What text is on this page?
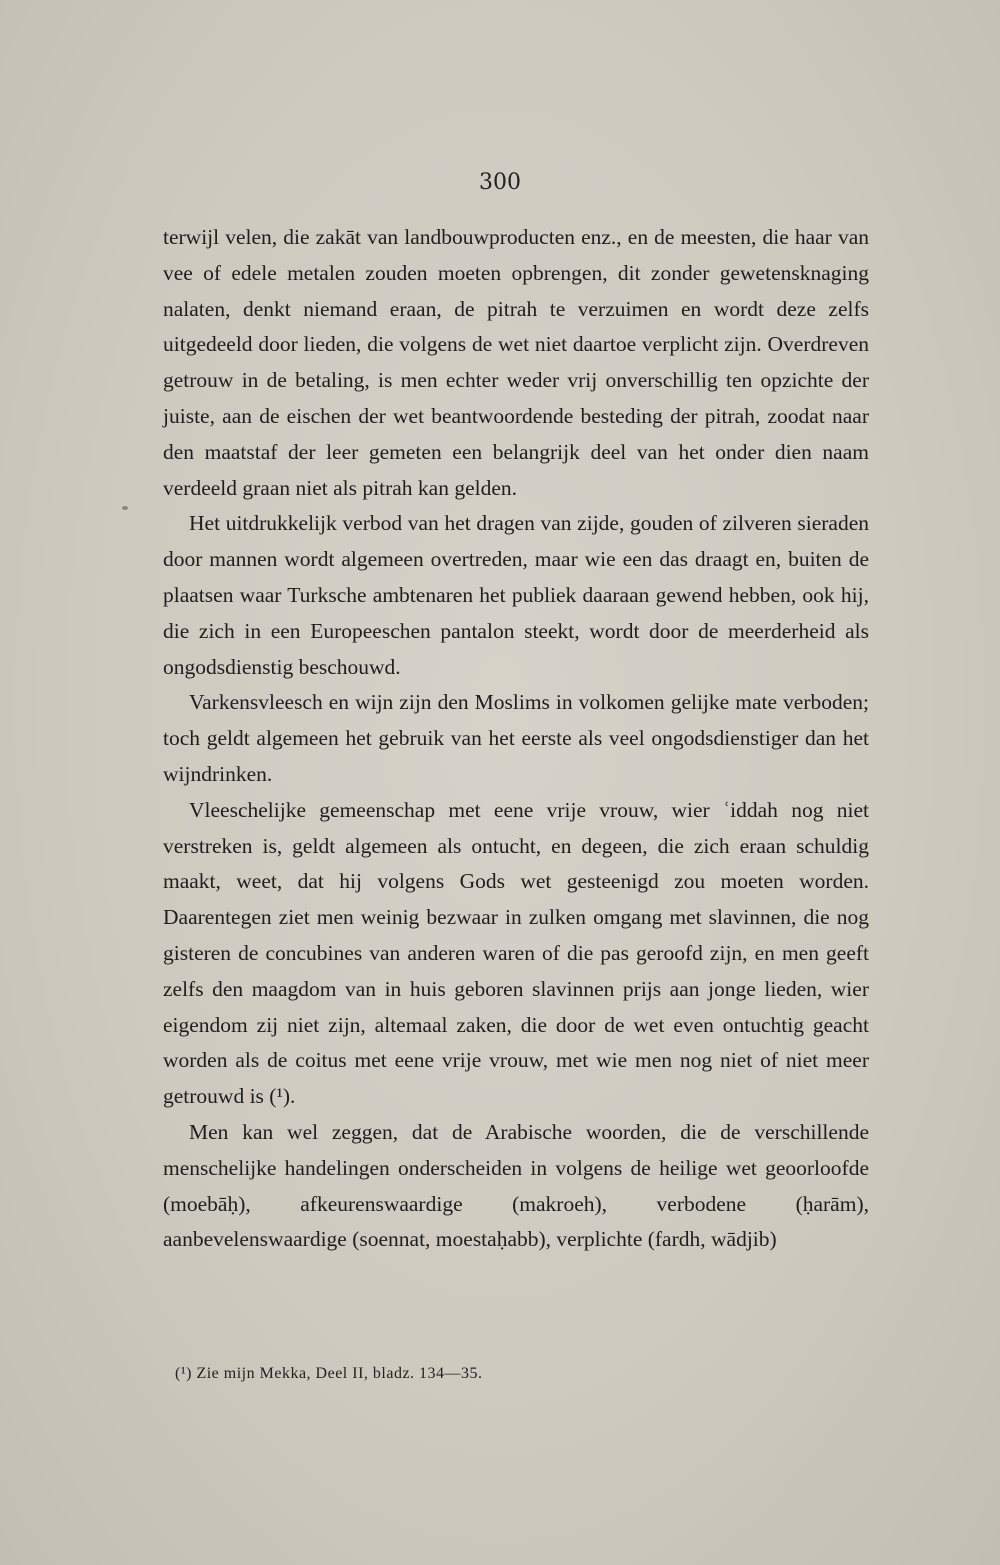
300

terwijl velen, die zakāt van landbouwproducten enz., en de meesten, die haar van vee of edele metalen zouden moeten opbrengen, dit zonder gewetensknaging nalaten, denkt niemand eraan, de pitrah te verzuimen en wordt deze zelfs uitgedeeld door lieden, die volgens de wet niet daartoe verplicht zijn. Overdreven getrouw in de betaling, is men echter weder vrij onverschillig ten opzichte der juiste, aan de eischen der wet beantwoordende besteding der pitrah, zoodat naar den maatstaf der leer gemeten een belangrijk deel van het onder dien naam verdeeld graan niet als pitrah kan gelden.

Het uitdrukkelijk verbod van het dragen van zijde, gouden of zilveren sieraden door mannen wordt algemeen overtreden, maar wie een das draagt en, buiten de plaatsen waar Turksche ambtenaren het publiek daaraan gewend hebben, ook hij, die zich in een Europeeschen pantalon steekt, wordt door de meerderheid als ongodsdienstig beschouwd.

Varkensvleesch en wijn zijn den Moslims in volkomen gelijke mate verboden; toch geldt algemeen het gebruik van het eerste als veel ongodsdienstiger dan het wijndrinken.

Vleeschelijke gemeenschap met eene vrije vrouw, wier ʿiddah nog niet verstreken is, geldt algemeen als ontucht, en degeen, die zich eraan schuldig maakt, weet, dat hij volgens Gods wet gesteenigd zou moeten worden. Daarentegen ziet men weinig bezwaar in zulken omgang met slavinnen, die nog gisteren de concubines van anderen waren of die pas geroofd zijn, en men geeft zelfs den maagdom van in huis geboren slavinnen prijs aan jonge lieden, wier eigendom zij niet zijn, altemaal zaken, die door de wet even ontuchtig geacht worden als de coitus met eene vrije vrouw, met wie men nog niet of niet meer getrouwd is (¹).

Men kan wel zeggen, dat de Arabische woorden, die de verschillende menschelijke handelingen onderscheiden in volgens de heilige wet geoorloofde (moebāḥ), afkeurenswaardige (makroeh), verbodene (ḥarām), aanbevelenswaardige (soennat, moestaḥabb), verplichte (fardh, wādjib)

(¹) Zie mijn Mekka, Deel II, bladz. 134—35.
